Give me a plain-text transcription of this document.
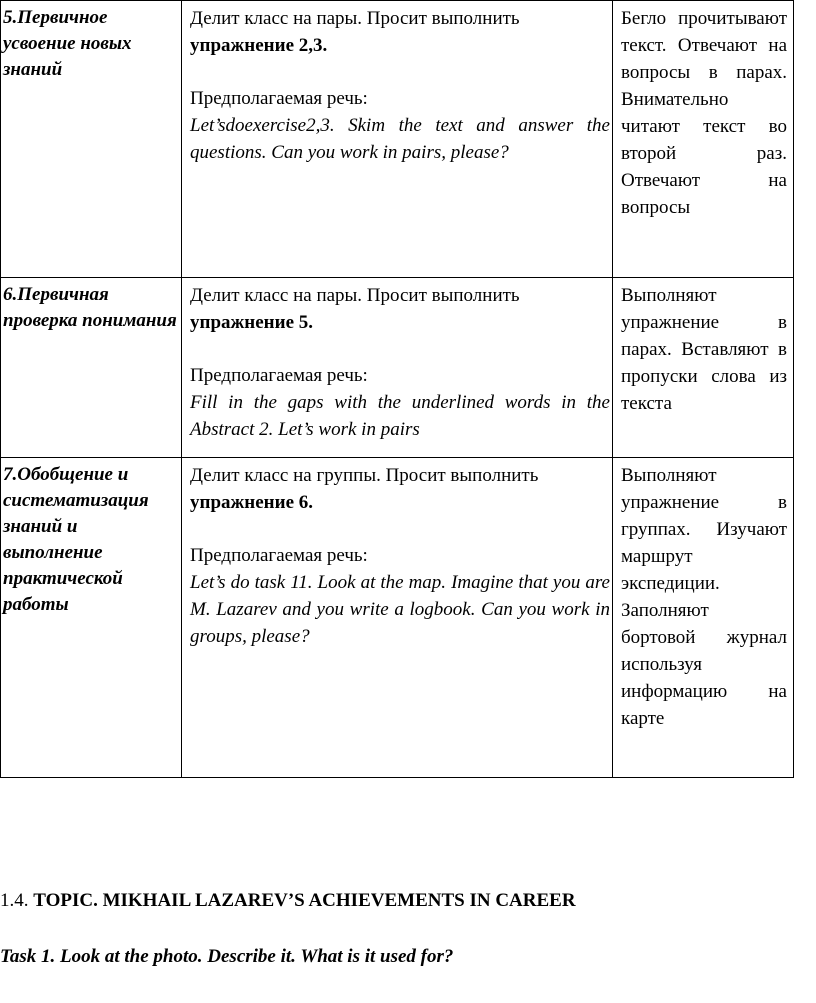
5.Первичное усвоение новых знаний	Делит класс на пары. Просит выполнить
упражнение 2,3.
Предполагаемая речь:
Let’sdoexercise2,3. Skim the text and answer the questions. Can you work in pairs, please?	Бегло прочитывают текст. Отвечают на вопросы в парах. Внимательно читают текст во второй раз. Отвечают на вопросы

6.Первичная проверка понимания	Делит класс на пары. Просит выполнить
упражнение 5.
Предполагаемая речь:
Fill in the gaps with the underlined words in the Abstract 2. Let’s work in pairs	Выполняют упражнение в парах. Вставляют в пропуски слова из текста

7.Обобщение и систематизация знаний и выполнение практической работы	Делит класс на группы. Просит выполнить
упражнение 6.
Предполагаемая речь:
Let’s do task 11. Look at the map. Imagine that you are M. Lazarev and you write a logbook. Can you work in groups, please?	Выполняют упражнение в группах. Изучают маршрут экспедиции. Заполняют бортовой журнал используя информацию на карте
1.4. TOPIC. MIKHAIL LAZAREV’S ACHIEVEMENTS IN CAREER
Task 1. Look at the photo. Describe it. What is it used for?
